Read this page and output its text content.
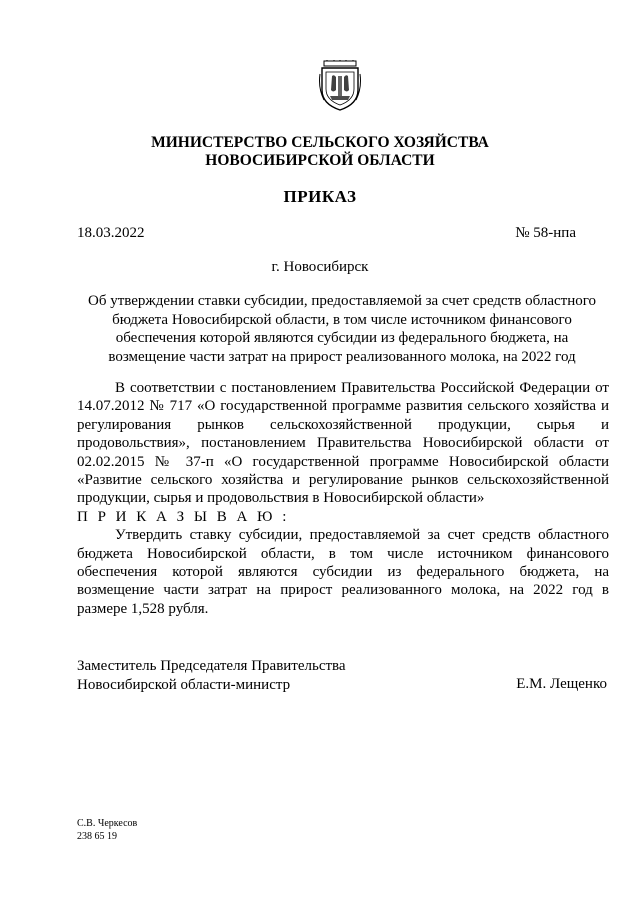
МИНИСТЕРСТВО СЕЛЬСКОГО ХОЗЯЙСТВА
НОВОСИБИРСКОЙ ОБЛАСТИ
ПРИКАЗ
18.03.2022	№ 58-нпа
г. Новосибирск
Об утверждении ставки субсидии, предоставляемой за счет средств областного бюджета Новосибирской области, в том числе источником финансового обеспечения которой являются субсидии из федерального бюджета, на возмещение части затрат на прирост реализованного молока, на 2022 год

В соответствии с постановлением Правительства Российской Федерации от 14.07.2012 № 717 «О государственной программе развития сельского хозяйства и регулирования рынков сельскохозяйственной продукции, сырья и продовольствия», постановлением Правительства Новосибирской области от 02.02.2015 № 37-п «О государственной программе Новосибирской области «Развитие сельского хозяйства и регулирование рынков сельскохозяйственной продукции, сырья и продовольствия в Новосибирской области»

П Р И К А З Ы В А Ю :

Утвердить ставку субсидии, предоставляемой за счет средств областного бюджета Новосибирской области, в том числе источником финансового обеспечения которой являются субсидии из федерального бюджета, на возмещение части затрат на прирост реализованного молока, на 2022 год в размере 1,528 рубля.

Заместитель Председателя Правительства
Новосибирской области-министр	Е.М. Лещенко
С.В. Черкесов
238 65 19
